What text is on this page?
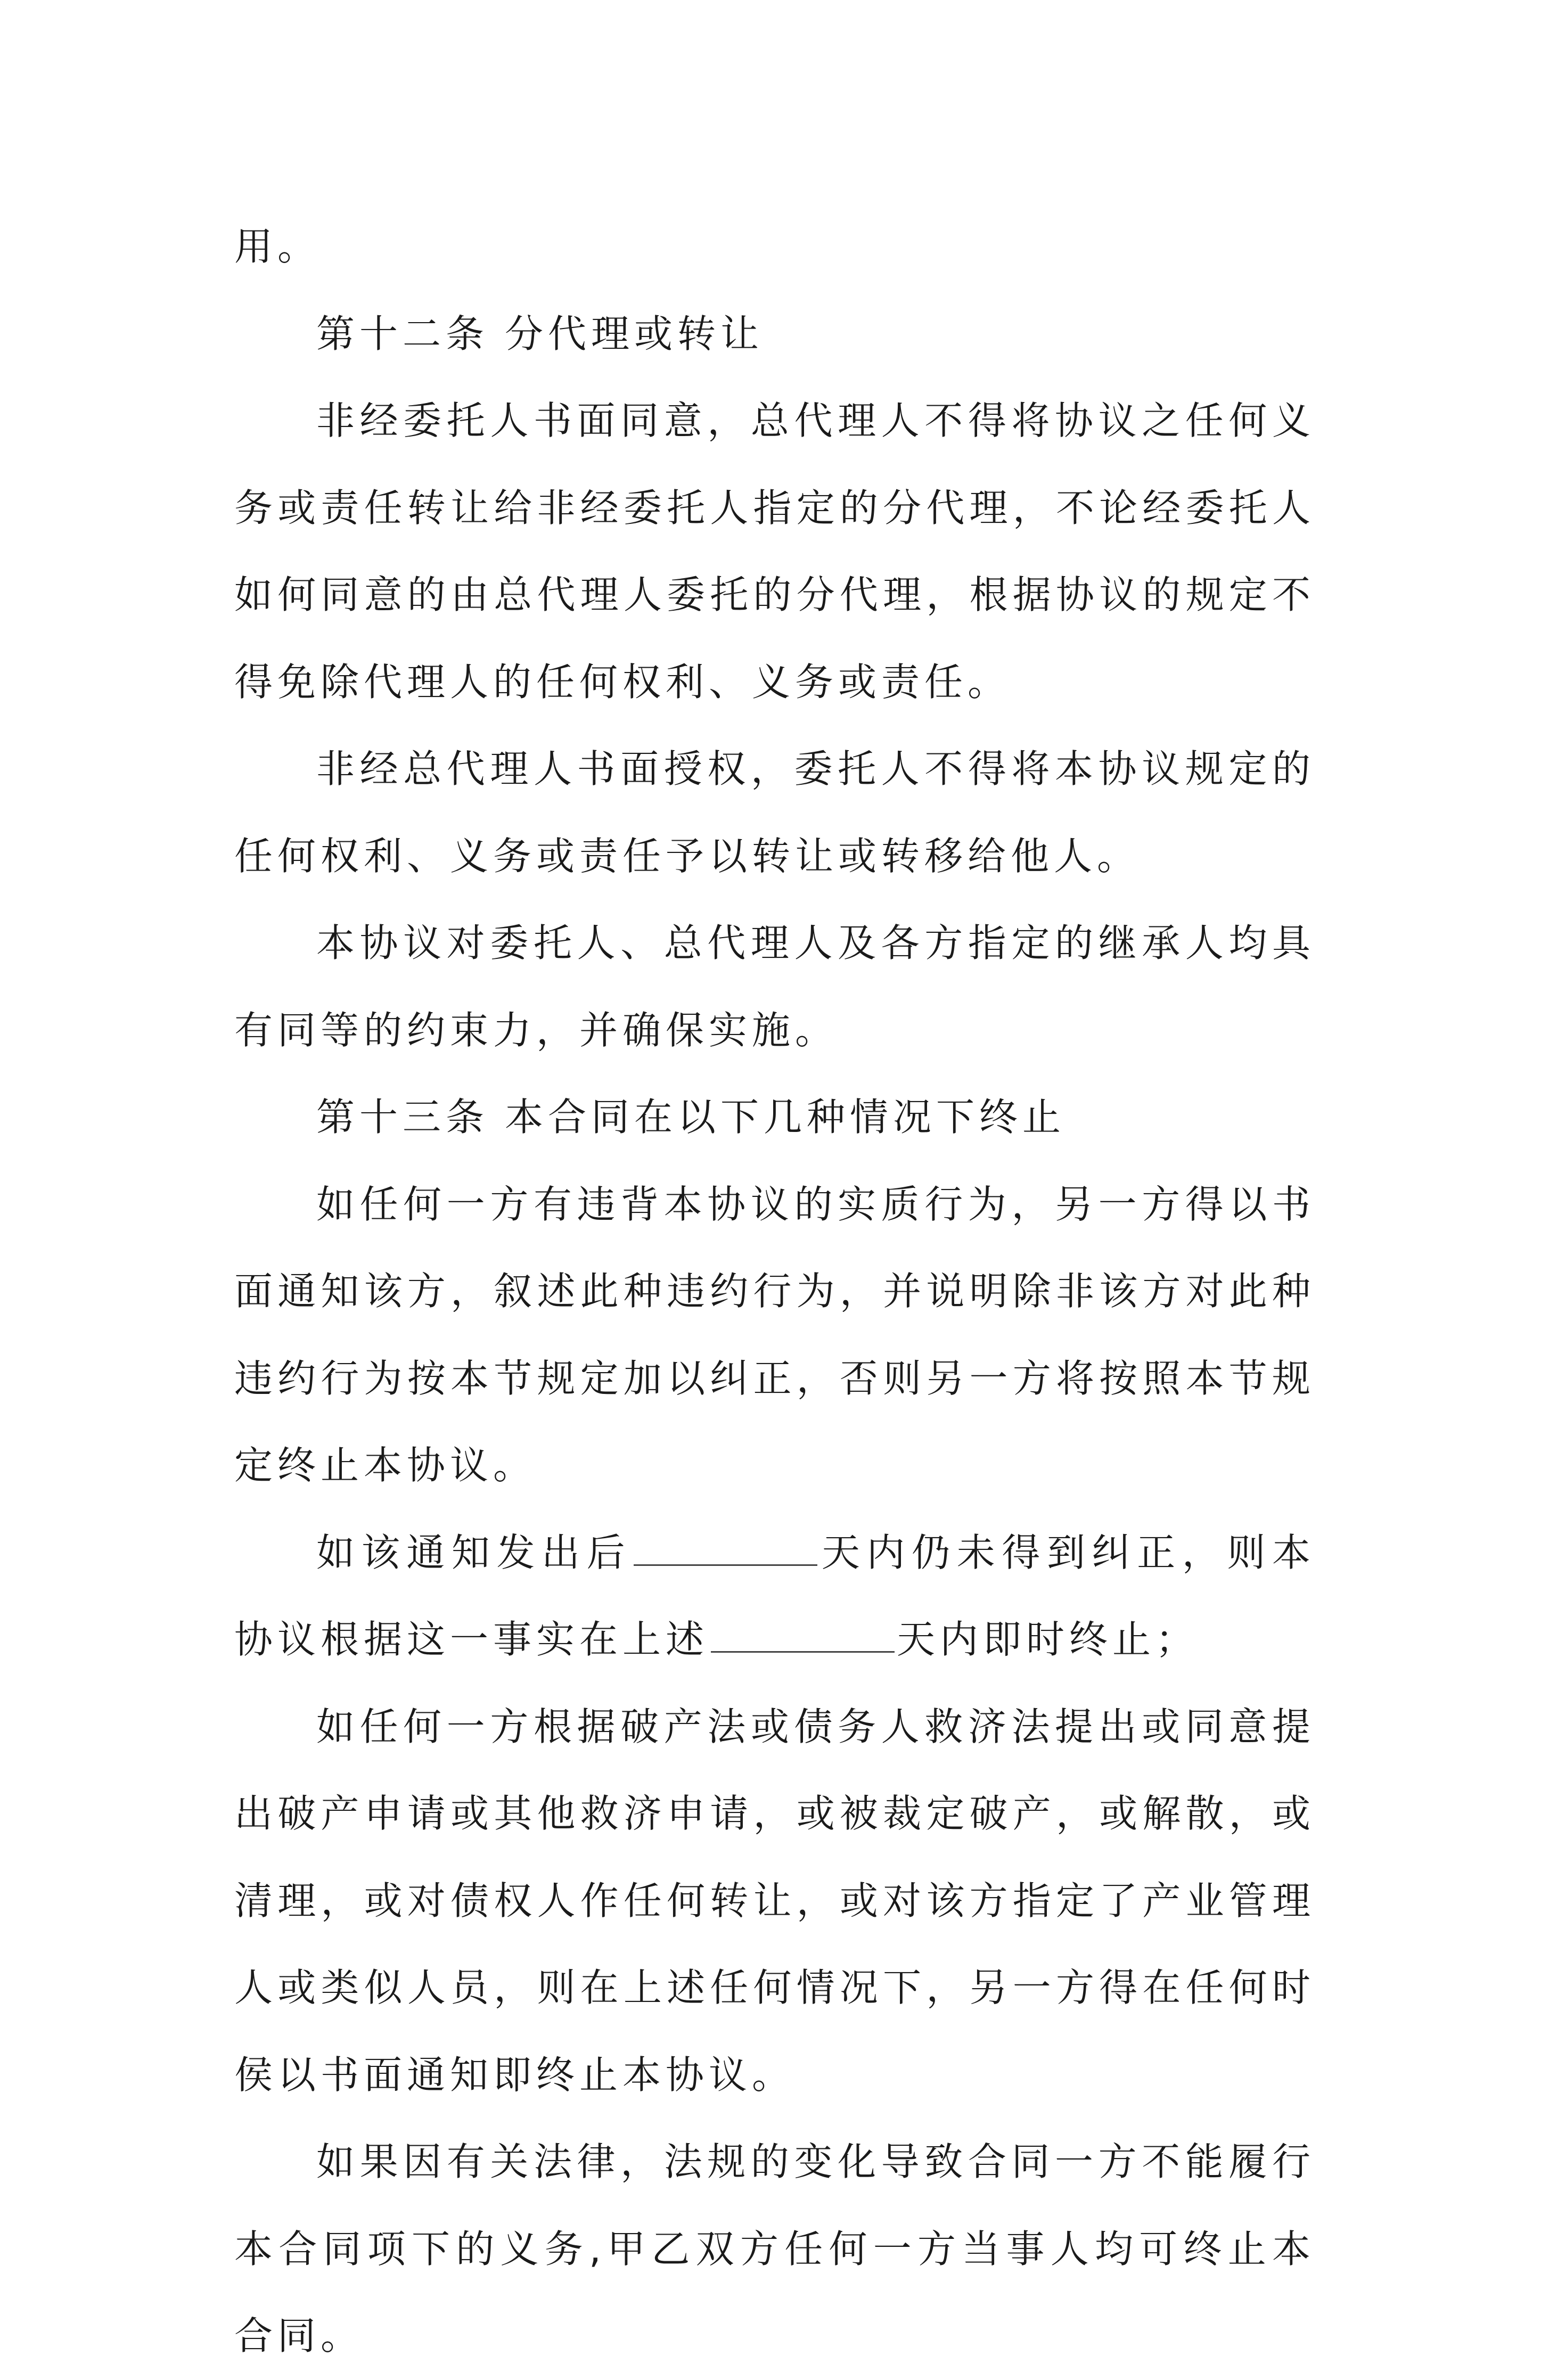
用。

第十二条 分代理或转让

非经委托人书面同意，总代理人不得将协议之任何义务或责任转让给非经委托人指定的分代理，不论经委托人如何同意的由总代理人委托的分代理，根据协议的规定不得免除代理人的任何权利、义务或责任。

非经总代理人书面授权，委托人不得将本协议规定的任何权利、义务或责任予以转让或转移给他人。

本协议对委托人、总代理人及各方指定的继承人均具有同等的约束力，并确保实施。

第十三条 本合同在以下几种情况下终止

如任何一方有违背本协议的实质行为，另一方得以书面通知该方，叙述此种违约行为，并说明除非该方对此种违约行为按本节规定加以纠正，否则另一方将按照本节规定终止本协议。

如该通知发出后	天内仍未得到纠正，则本协议根据这一事实在上述	天内即时终止；

如任何一方根据破产法或债务人救济法提出或同意提出破产申请或其他救济申请，或被裁定破产，或解散，或清理，或对债权人作任何转让，或对该方指定了产业管理人或类似人员，则在上述任何情况下，另一方得在任何时侯以书面通知即终止本协议。

如果因有关法律，法规的变化导致合同一方不能履行本合同项下的义务,甲乙双方任何一方当事人均可终止本合同。
